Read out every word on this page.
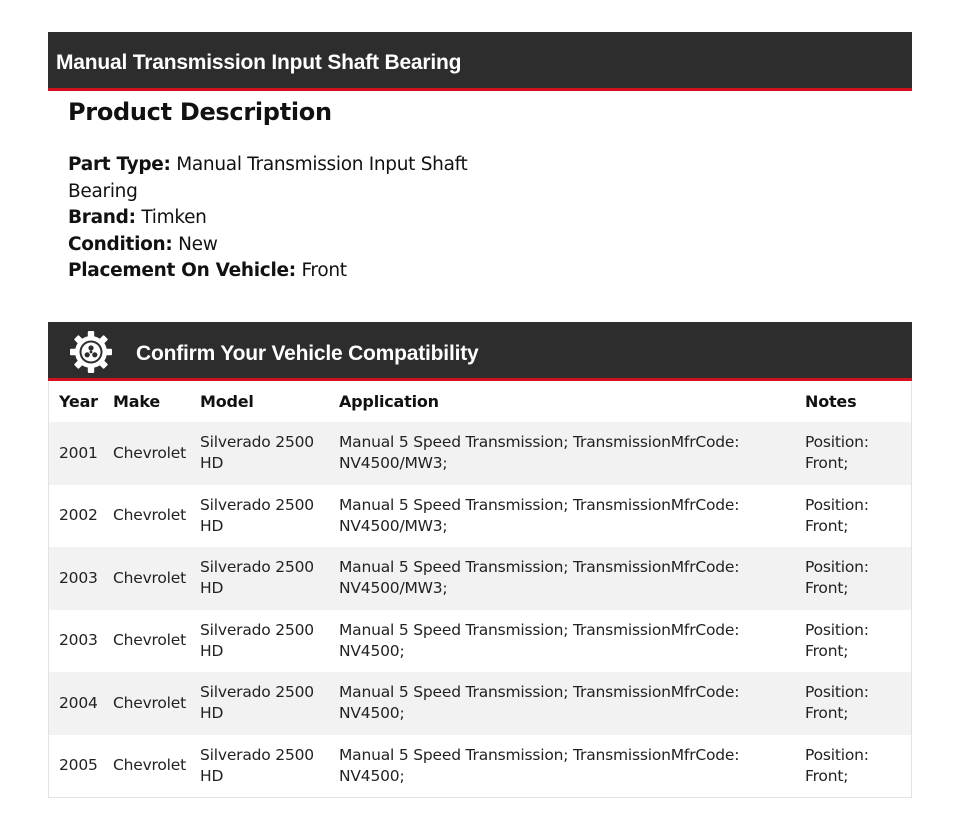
Manual Transmission Input Shaft Bearing
Product Description
Part Type: Manual Transmission Input Shaft Bearing
Brand: Timken
Condition: New
Placement On Vehicle: Front
Confirm Your Vehicle Compatibility
Year	Make	Model	Application	Notes
2001	Chevrolet	Silverado 2500 HD	Manual 5 Speed Transmission; TransmissionMfrCode: NV4500/MW3;	Position: Front;
2002	Chevrolet	Silverado 2500 HD	Manual 5 Speed Transmission; TransmissionMfrCode: NV4500/MW3;	Position: Front;
2003	Chevrolet	Silverado 2500 HD	Manual 5 Speed Transmission; TransmissionMfrCode: NV4500/MW3;	Position: Front;
2003	Chevrolet	Silverado 2500 HD	Manual 5 Speed Transmission; TransmissionMfrCode: NV4500;	Position: Front;
2004	Chevrolet	Silverado 2500 HD	Manual 5 Speed Transmission; TransmissionMfrCode: NV4500;	Position: Front;
2005	Chevrolet	Silverado 2500 HD	Manual 5 Speed Transmission; TransmissionMfrCode: NV4500;	Position: Front;
